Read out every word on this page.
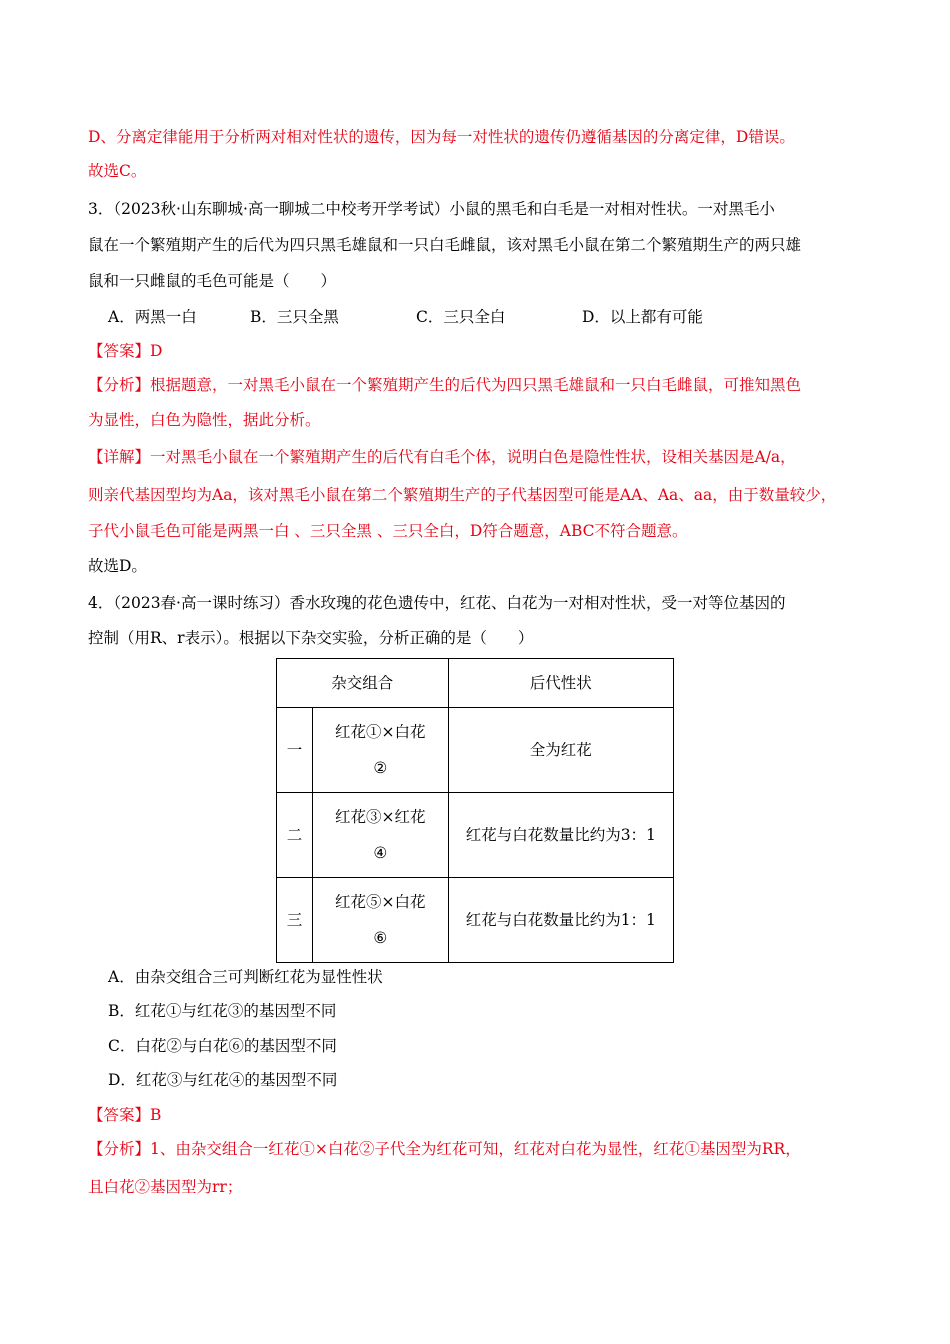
D、分离定律能用于分析两对相对性状的遗传，因为每一对性状的遗传仍遵循基因的分离定律，D错误。
故选C。
3．（2023秋·山东聊城·高一聊城二中校考开学考试）小鼠的黑毛和白毛是一对相对性状。一对黑毛小
鼠在一个繁殖期产生的后代为四只黑毛雄鼠和一只白毛雌鼠，该对黑毛小鼠在第二个繁殖期生产的两只雄
鼠和一只雌鼠的毛色可能是（　　）
A．两黑一白	B．三只全黑	C．三只全白	D．以上都有可能
【答案】D
【分析】根据题意，一对黑毛小鼠在一个繁殖期产生的后代为四只黑毛雄鼠和一只白毛雌鼠，可推知黑色
为显性，白色为隐性，据此分析。
【详解】一对黑毛小鼠在一个繁殖期产生的后代有白毛个体，说明白色是隐性性状，设相关基因是A/a，
则亲代基因型均为Aa，该对黑毛小鼠在第二个繁殖期生产的子代基因型可能是AA、Aa、aa，由于数量较少，
子代小鼠毛色可能是两黑一白 、三只全黑 、三只全白，D符合题意，ABC不符合题意。
故选D。
4．（2023春·高一课时练习）香水玫瑰的花色遗传中，红花、白花为一对相对性状，受一对等位基因的
控制（用R、r表示）。根据以下杂交实验，分析正确的是（　　）
杂交组合		后代性状
一	红花①×白花
②	全为红花
二	红花③×红花
④	红花与白花数量比约为3：1
三	红花⑤×白花
⑥	红花与白花数量比约为1：1
A．由杂交组合三可判断红花为显性性状
B．红花①与红花③的基因型不同
C．白花②与白花⑥的基因型不同
D．红花③与红花④的基因型不同
【答案】B
【分析】1、由杂交组合一红花①×白花②子代全为红花可知，红花对白花为显性，红花①基因型为RR，
且白花②基因型为rr；
